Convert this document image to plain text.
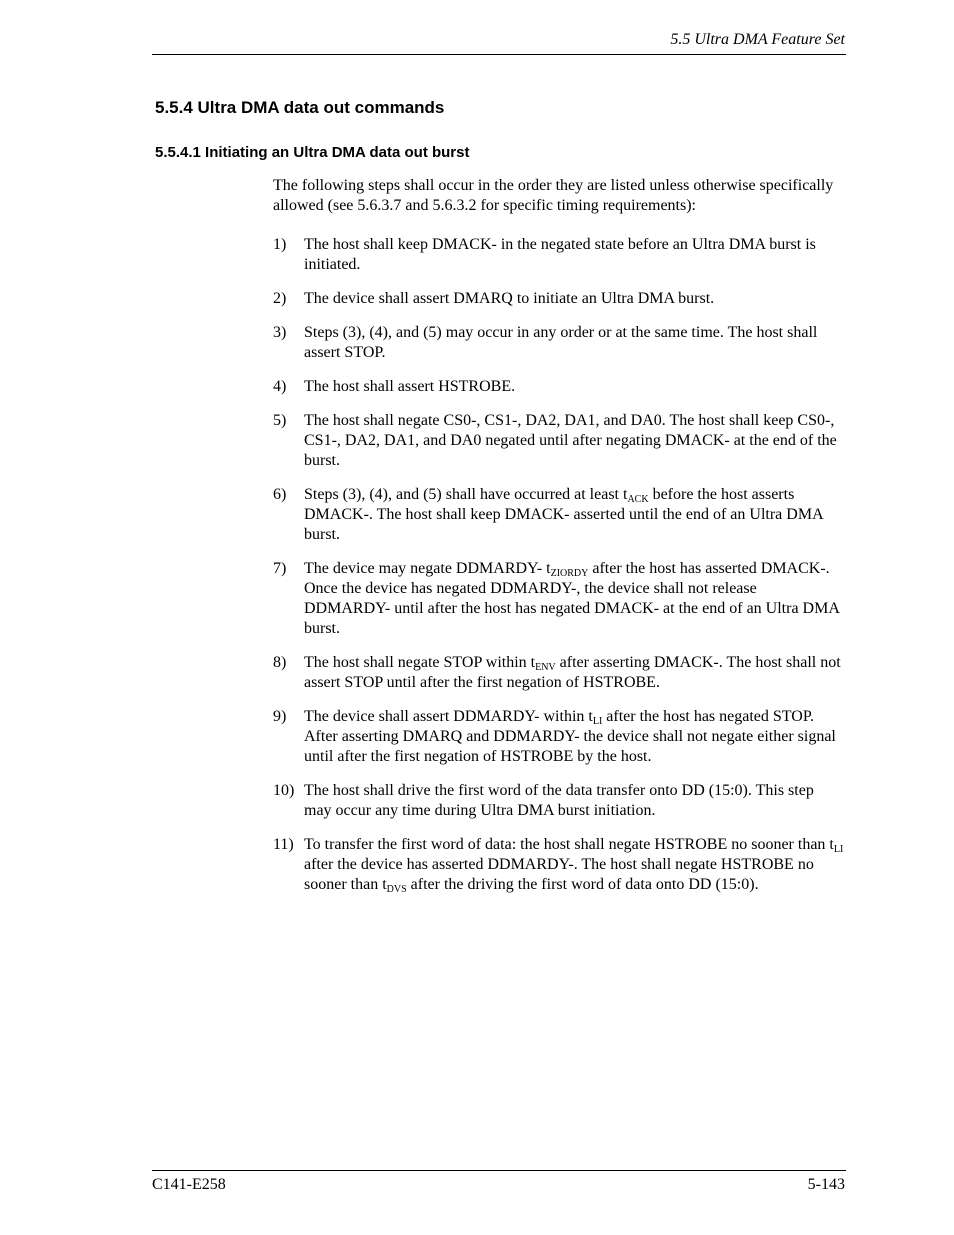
5.5 Ultra DMA Feature Set
5.5.4 Ultra DMA data out commands
5.5.4.1 Initiating an Ultra DMA data out burst

The following steps shall occur in the order they are listed unless otherwise specifically allowed (see 5.6.3.7 and 5.6.3.2 for specific timing requirements):

1) The host shall keep DMACK- in the negated state before an Ultra DMA burst is initiated.
2) The device shall assert DMARQ to initiate an Ultra DMA burst.
3) Steps (3), (4), and (5) may occur in any order or at the same time. The host shall assert STOP.
4) The host shall assert HSTROBE.
5) The host shall negate CS0-, CS1-, DA2, DA1, and DA0. The host shall keep CS0-, CS1-, DA2, DA1, and DA0 negated until after negating DMACK- at the end of the burst.
6) Steps (3), (4), and (5) shall have occurred at least $t_{ACK}$ before the host asserts DMACK-. The host shall keep DMACK- asserted until the end of an Ultra DMA burst.
7) The device may negate DDMARDY- $t_{ZIORDY}$ after the host has asserted DMACK-. Once the device has negated DDMARDY-, the device shall not release DDMARDY- until after the host has negated DMACK- at the end of an Ultra DMA burst.
8) The host shall negate STOP within $t_{ENV}$ after asserting DMACK-. The host shall not assert STOP until after the first negation of HSTROBE.
9) The device shall assert DDMARDY- within $t_{LI}$ after the host has negated STOP. After asserting DMARQ and DDMARDY- the device shall not negate either signal until after the first negation of HSTROBE by the host.
10) The host shall drive the first word of the data transfer onto DD (15:0). This step may occur any time during Ultra DMA burst initiation.
11) To transfer the first word of data: the host shall negate HSTROBE no sooner than $t_{LI}$ after the device has asserted DDMARDY-. The host shall negate HSTROBE no sooner than $t_{DVS}$ after the driving the first word of data onto DD (15:0).
C141-E258	5-143
